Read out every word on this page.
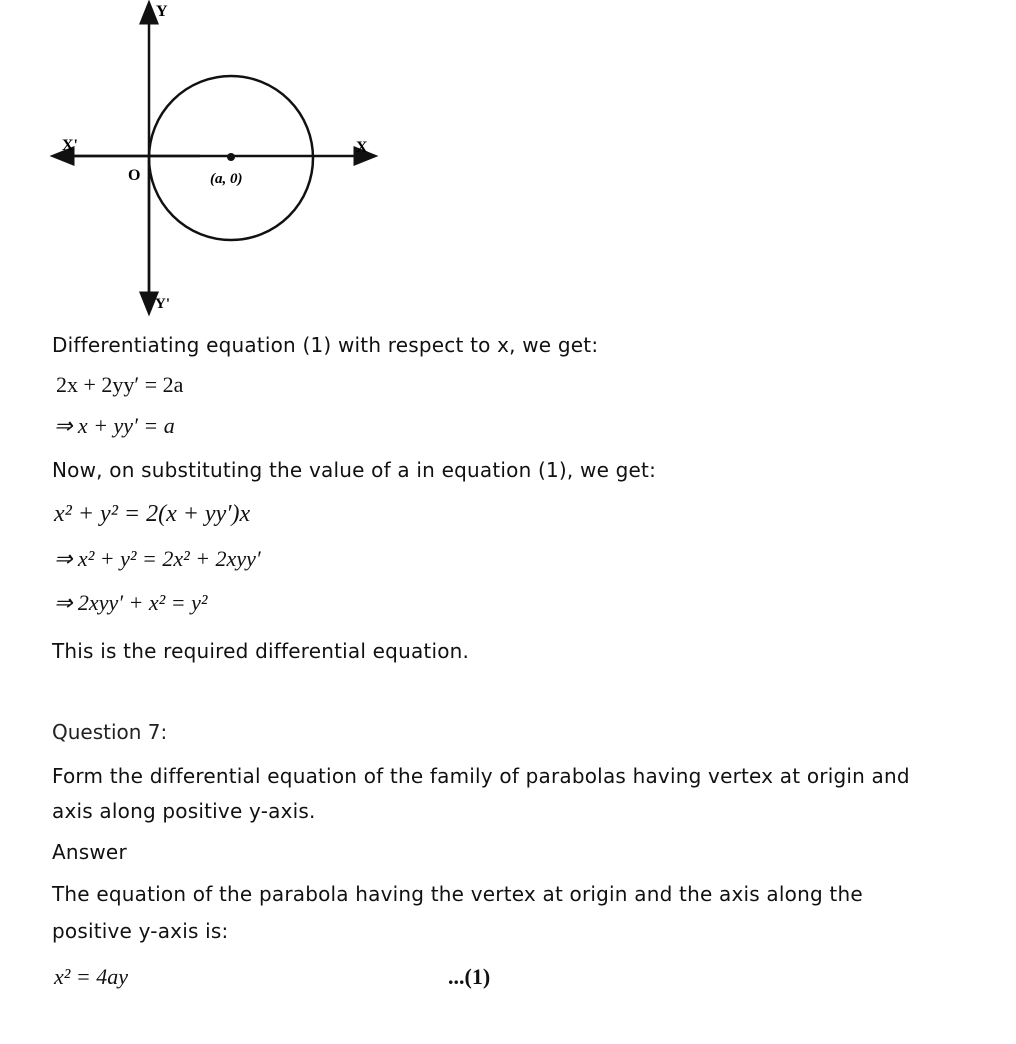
Y
Y'
X
X'
O	(a, 0)
Differentiating equation (1) with respect to x, we get:
2x + 2yy′ = 2a
⇒ x + yy′ = a
Now, on substituting the value of a in equation (1), we get:
x² + y² = 2(x + yy′)x
⇒ x² + y² = 2x² + 2xyy′
⇒ 2xyy′ + x² = y²
This is the required differential equation.
Question 7:
Form the differential equation of the family of parabolas having vertex at origin and
axis along positive y-axis.
Answer
The equation of the parabola having the vertex at origin and the axis along the
positive y-axis is:
x² = 4ay	...(1)
